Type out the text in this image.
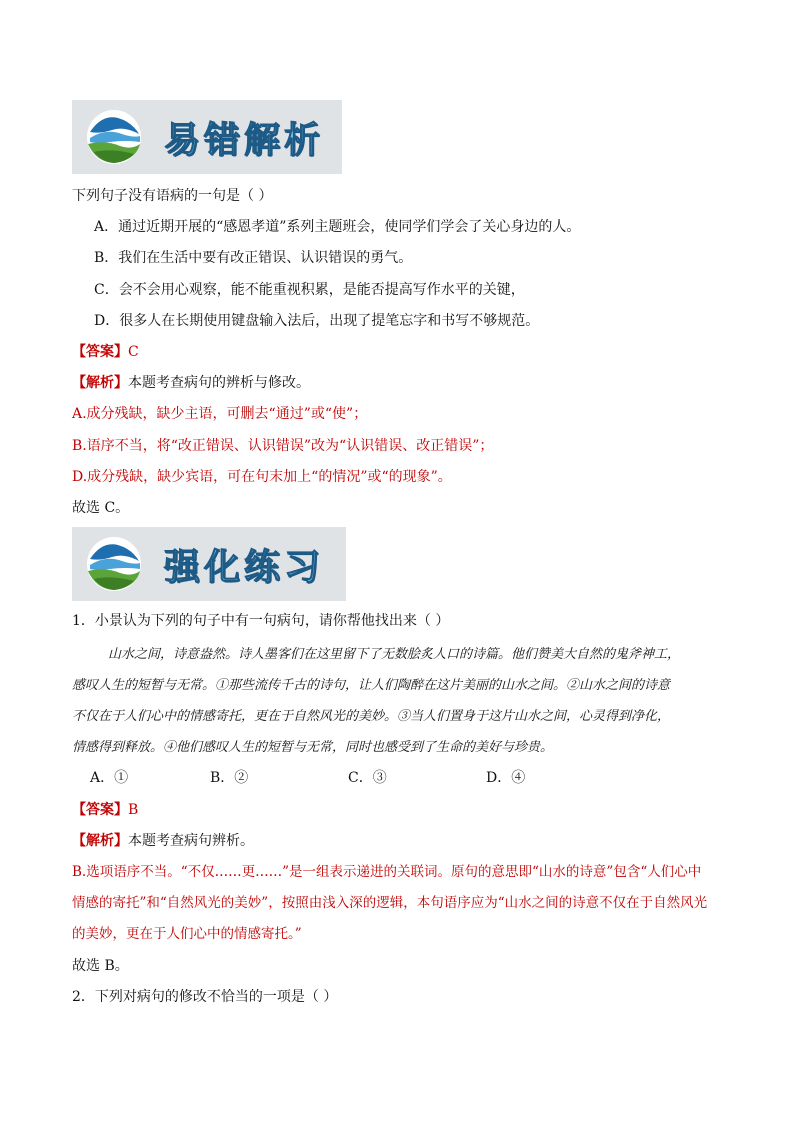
易错解析
下列句子没有语病的一句是（ ）
A．通过近期开展的“感恩孝道”系列主题班会，使同学们学会了关心身边的人。
B．我们在生活中要有改正错误、认识错误的勇气。
C．会不会用心观察，能不能重视积累，是能否提高写作水平的关键，
D．很多人在长期使用键盘输入法后，出现了提笔忘字和书写不够规范。
【答案】C
【解析】本题考查病句的辨析与修改。
A.成分残缺，缺少主语，可删去“通过”或“使”；
B.语序不当，将“改正错误、认识错误”改为“认识错误、改正错误”；
D.成分残缺，缺少宾语，可在句末加上“的情况”或“的现象”。
故选 C。
强化练习
1．小景认为下列的句子中有一句病句，请你帮他找出来（ ）
山水之间，诗意盎然。诗人墨客们在这里留下了无数脍炙人口的诗篇。他们赞美大自然的鬼斧神工，
感叹人生的短暂与无常。①那些流传千古的诗句，让人们陶醉在这片美丽的山水之间。②山水之间的诗意
不仅在于人们心中的情感寄托，更在于自然风光的美妙。③当人们置身于这片山水之间，心灵得到净化，
情感得到释放。④他们感叹人生的短暂与无常，同时也感受到了生命的美好与珍贵。
A．①	B．②	C．③	D．④
【答案】B
【解析】本题考查病句辨析。
B.选项语序不当。“不仅……更……”是一组表示递进的关联词。原句的意思即“山水的诗意”包含“人们心中
情感的寄托”和“自然风光的美妙”，按照由浅入深的逻辑，本句语序应为“山水之间的诗意不仅在于自然风光
的美妙，更在于人们心中的情感寄托。”
故选 B。
2．下列对病句的修改不恰当的一项是（ ）
